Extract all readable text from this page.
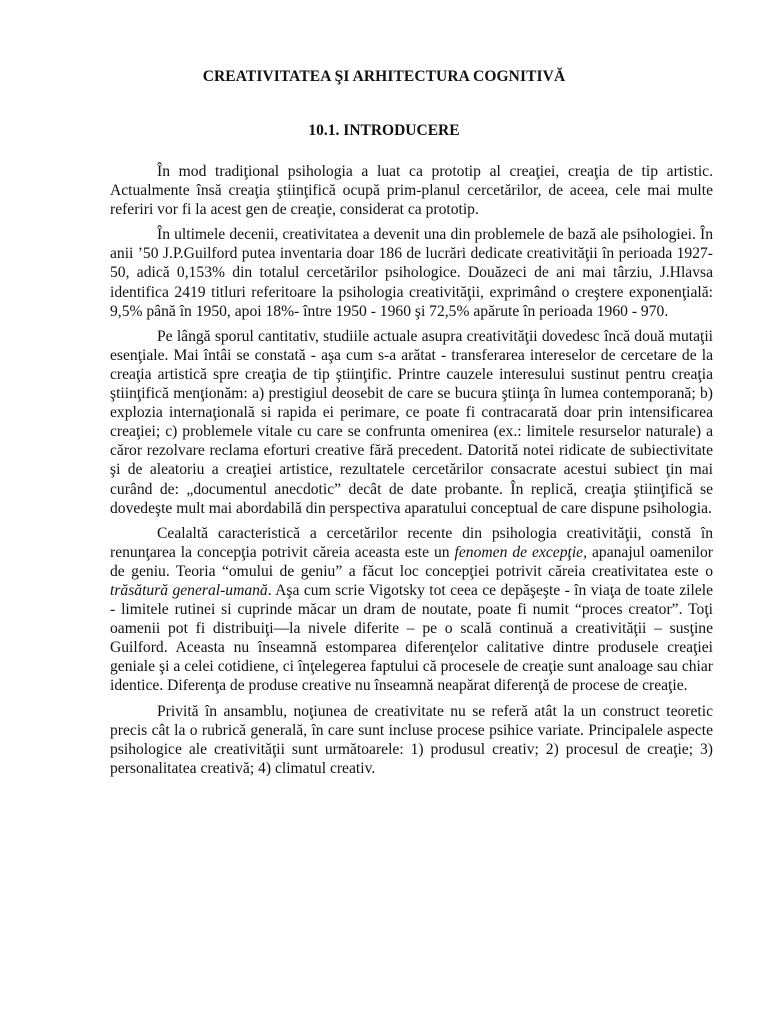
CREATIVITATEA ŞI ARHITECTURA COGNITIVĂ
10.1. INTRODUCERE

În mod tradiţional psihologia a luat ca prototip al creaţiei, creaţia de tip artistic. Actualmente însă creaţia ştiinţifică ocupă prim-planul cercetărilor, de aceea, cele mai multe referiri vor fi la acest gen de creaţie, considerat ca prototip.

În ultimele decenii, creativitatea a devenit una din problemele de bază ale psihologiei. În anii ’50 J.P.Guilford putea inventaria doar 186 de lucrări dedicate creativităţii în perioada 1927-50, adică 0,153% din totalul cercetărilor psihologice. Douăzeci de ani mai târziu, J.Hlavsa identifica 2419 titluri referitoare la psihologia creativităţii, exprimând o creştere exponenţială: 9,5% până în 1950, apoi 18%- între 1950 - 1960 şi 72,5% apărute în perioada 1960 - 970.

Pe lângă sporul cantitativ, studiile actuale asupra creativităţii dovedesc încă două mutaţii esenţiale. Mai întâi se constată - aşa cum s-a arătat - transferarea intereselor de cercetare de la creaţia artistică spre creaţia de tip ştiinţific. Printre cauzele interesului sustinut pentru creaţia ştiinţifică menţionăm: a) prestigiul deosebit de care se bucura ştiinţa în lumea contemporană; b) explozia internaţională si rapida ei perimare, ce poate fi contracarată doar prin intensificarea creaţiei; c) problemele vitale cu care se confrunta omenirea (ex.: limitele resurselor naturale) a căror rezolvare reclama eforturi creative fără precedent. Datorită notei ridicate de subiectivitate şi de aleatoriu a creaţiei artistice, rezultatele cercetărilor consacrate acestui subiect ţin mai curând de: „documentul anecdotic” decât de date probante. În replică, creaţia ştiinţifică se dovedeşte mult mai abordabilă din perspectiva aparatului conceptual de care dispune psihologia.

Cealaltă caracteristică a cercetărilor recente din psihologia creativităţii, constă în renunţarea la concepţia potrivit căreia aceasta este un fenomen de excepţie, apanajul oamenilor de geniu. Teoria “omului de geniu” a făcut loc concepţiei potrivit căreia creativitatea este o trăsătură general-umană. Aşa cum scrie Vigotsky tot ceea ce depăşeşte - în viaţa de toate zilele - limitele rutinei si cuprinde măcar un dram de noutate, poate fi numit “proces creator”. Toţi oamenii pot fi distribuiţi—la nivele diferite – pe o scală continuă a creativităţii – susţine Guilford. Aceasta nu înseamnă estomparea diferenţelor calitative dintre produsele creaţiei geniale şi a celei cotidiene, ci înţelegerea faptului că procesele de creaţie sunt analoage sau chiar identice. Diferenţa de produse creative nu înseamnă neapărat diferenţă de procese de creaţie.

Privită în ansamblu, noţiunea de creativitate nu se referă atât la un construct teoretic precis cât la o rubrică generală, în care sunt incluse procese psihice variate. Principalele aspecte psihologice ale creativităţii sunt următoarele: 1) produsul creativ; 2) procesul de creaţie; 3) personalitatea creativă; 4) climatul creativ.
